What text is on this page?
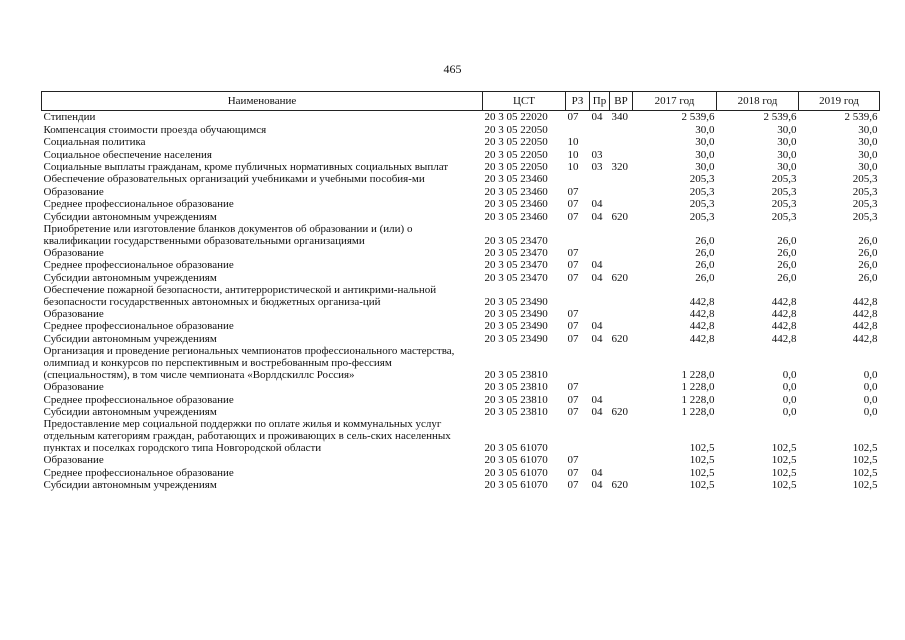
465
Наименование	ЦСТ	РЗ	Пр	ВР	2017 год	2018 год	2019 год
Стипендии	20 3 05 22020	07	04	340	2 539,6	2 539,6	2 539,6
Компенсация стоимости проезда обучающимся	20 3 05 22050				30,0	30,0	30,0
Социальная политика	20 3 05 22050	10			30,0	30,0	30,0
Социальное обеспечение населения	20 3 05 22050	10	03		30,0	30,0	30,0
Социальные выплаты гражданам, кроме публичных нормативных социальных выплат	20 3 05 22050	10	03	320	30,0	30,0	30,0
Обеспечение образовательных организаций учебниками и учебными пособия-ми	20 3 05 23460				205,3	205,3	205,3
Образование	20 3 05 23460	07			205,3	205,3	205,3
Среднее профессиональное образование	20 3 05 23460	07	04		205,3	205,3	205,3
Субсидии автономным учреждениям	20 3 05 23460	07	04	620	205,3	205,3	205,3
Приобретение или изготовление бланков документов об образовании и (или) о квалификации государственными образовательными организациями	20 3 05 23470				26,0	26,0	26,0
Образование	20 3 05 23470	07			26,0	26,0	26,0
Среднее профессиональное образование	20 3 05 23470	07	04		26,0	26,0	26,0
Субсидии автономным учреждениям	20 3 05 23470	07	04	620	26,0	26,0	26,0
Обеспечение пожарной безопасности, антитеррористической и антикрими-нальной безопасности государственных автономных и бюджетных организа-ций	20 3 05 23490				442,8	442,8	442,8
Образование	20 3 05 23490	07			442,8	442,8	442,8
Среднее профессиональное образование	20 3 05 23490	07	04		442,8	442,8	442,8
Субсидии автономным учреждениям	20 3 05 23490	07	04	620	442,8	442,8	442,8
Организация и проведение региональных чемпионатов профессионального мастерства, олимпиад и конкурсов по перспективным и востребованным про-фессиям (специальностям), в том числе чемпионата «Ворлдскиллс Россия»	20 3 05 23810				1 228,0	0,0	0,0
Образование	20 3 05 23810	07			1 228,0	0,0	0,0
Среднее профессиональное образование	20 3 05 23810	07	04		1 228,0	0,0	0,0
Субсидии автономным учреждениям	20 3 05 23810	07	04	620	1 228,0	0,0	0,0
Предоставление мер социальной поддержки по оплате жилья и коммунальных услуг отдельным категориям граждан, работающих и проживающих в сель-ских населенных пунктах и поселках городского типа Новгородской области	20 3 05 61070				102,5	102,5	102,5
Образование	20 3 05 61070	07			102,5	102,5	102,5
Среднее профессиональное образование	20 3 05 61070	07	04		102,5	102,5	102,5
Субсидии автономным учреждениям	20 3 05 61070	07	04	620	102,5	102,5	102,5
